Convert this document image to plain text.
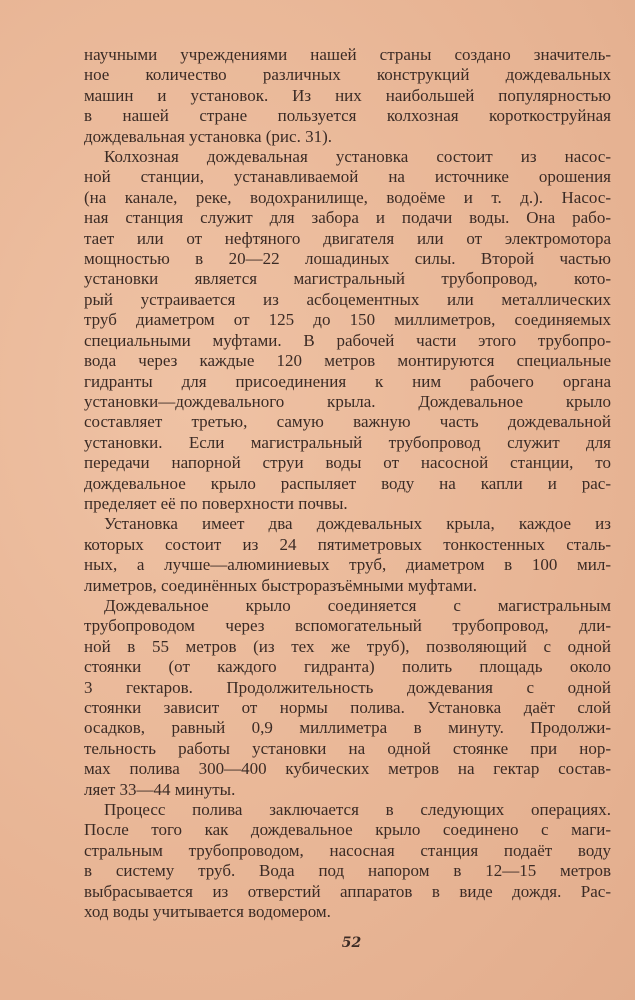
научными учреждениями нашей страны создано значитель-
ное количество различных конструкций дождевальных
машин и установок. Из них наибольшей популярностью
в нашей стране пользуется колхозная короткоструйная
дождевальная установка (рис. 31).
Колхозная дождевальная установка состоит из насос-
ной станции, устанавливаемой на источнике орошения
(на канале, реке, водохранилище, водоёме и т. д.). Насос-
ная станция служит для забора и подачи воды. Она рабо-
тает или от нефтяного двигателя или от электромотора
мощностью в 20—22 лошадиных силы. Второй частью
установки является магистральный трубопровод, кото-
рый устраивается из асбоцементных или металлических
труб диаметром от 125 до 150 миллиметров, соединяемых
специальными муфтами. В рабочей части этого трубопро-
вода через каждые 120 метров монтируются специальные
гидранты для присоединения к ним рабочего органа
установки—дождевального крыла. Дождевальное крыло
составляет третью, самую важную часть дождевальной
установки. Если магистральный трубопровод служит для
передачи напорной струи воды от насосной станции, то
дождевальное крыло распыляет воду на капли и рас-
пределяет её по поверхности почвы.
Установка имеет два дождевальных крыла, каждое из
которых состоит из 24 пятиметровых тонкостенных сталь-
ных, а лучше—алюминиевых труб, диаметром в 100 мил-
лиметров, соединённых быстроразъёмными муфтами.
Дождевальное крыло соединяется с магистральным
трубопроводом через вспомогательный трубопровод, дли-
ной в 55 метров (из тех же труб), позволяющий с одной
стоянки (от каждого гидранта) полить площадь около
3 гектаров. Продолжительность дождевания с одной
стоянки зависит от нормы полива. Установка даёт слой
осадков, равный 0,9 миллиметра в минуту. Продолжи-
тельность работы установки на одной стоянке при нор-
мах полива 300—400 кубических метров на гектар состав-
ляет 33—44 минуты.
Процесс полива заключается в следующих операциях.
После того как дождевальное крыло соединено с маги-
стральным трубопроводом, насосная станция подаёт воду
в систему труб. Вода под напором в 12—15 метров
выбрасывается из отверстий аппаратов в виде дождя. Рас-
ход воды учитывается водомером.
52
